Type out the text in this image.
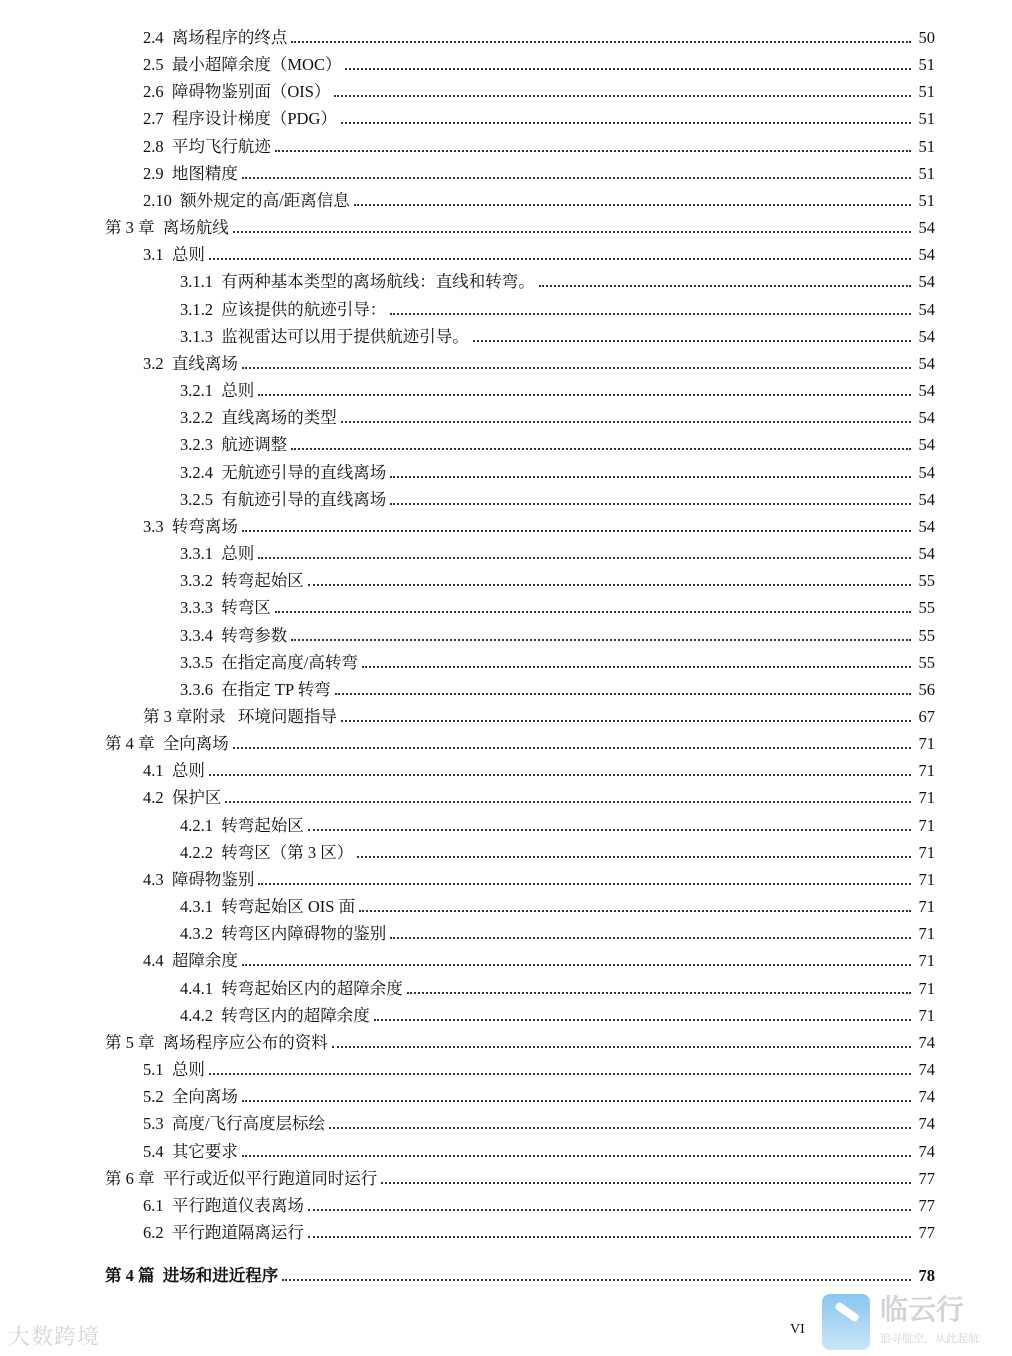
2.4  离场程序的终点	50
2.5  最小超障余度（MOC）	51
2.6  障碍物鉴别面（OIS）	51
2.7  程序设计梯度（PDG）	51
2.8  平均飞行航迹	51
2.9  地图精度	51
2.10  额外规定的高/距离信息	51
第 3 章  离场航线	54
3.1  总则	54
3.1.1  有两种基本类型的离场航线：直线和转弯。	54
3.1.2  应该提供的航迹引导：	54
3.1.3  监视雷达可以用于提供航迹引导。	54
3.2  直线离场	54
3.2.1  总则	54
3.2.2  直线离场的类型	54
3.2.3  航迹调整	54
3.2.4  无航迹引导的直线离场	54
3.2.5  有航迹引导的直线离场	54
3.3  转弯离场	54
3.3.1  总则	54
3.3.2  转弯起始区	55
3.3.3  转弯区	55
3.3.4  转弯参数	55
3.3.5  在指定高度/高转弯	55
3.3.6  在指定 TP 转弯	56
第 3 章附录   环境问题指导	67
第 4 章  全向离场	71
4.1  总则	71
4.2  保护区	71
4.2.1  转弯起始区	71
4.2.2  转弯区（第 3 区）	71
4.3  障碍物鉴别	71
4.3.1  转弯起始区 OIS 面	71
4.3.2  转弯区内障碍物的鉴别	71
4.4  超障余度	71
4.4.1  转弯起始区内的超障余度	71
4.4.2  转弯区内的超障余度	71
第 5 章  离场程序应公布的资料	74
5.1  总则	74
5.2  全向离场	74
5.3  高度/飞行高度层标绘	74
5.4  其它要求	74
第 6 章  平行或近似平行跑道同时运行	77
6.1  平行跑道仪表离场	77
6.2  平行跑道隔离运行	77
第 4 篇  进场和进近程序	78
VI
大数跨境
临云行
追寻航空，从此起航
